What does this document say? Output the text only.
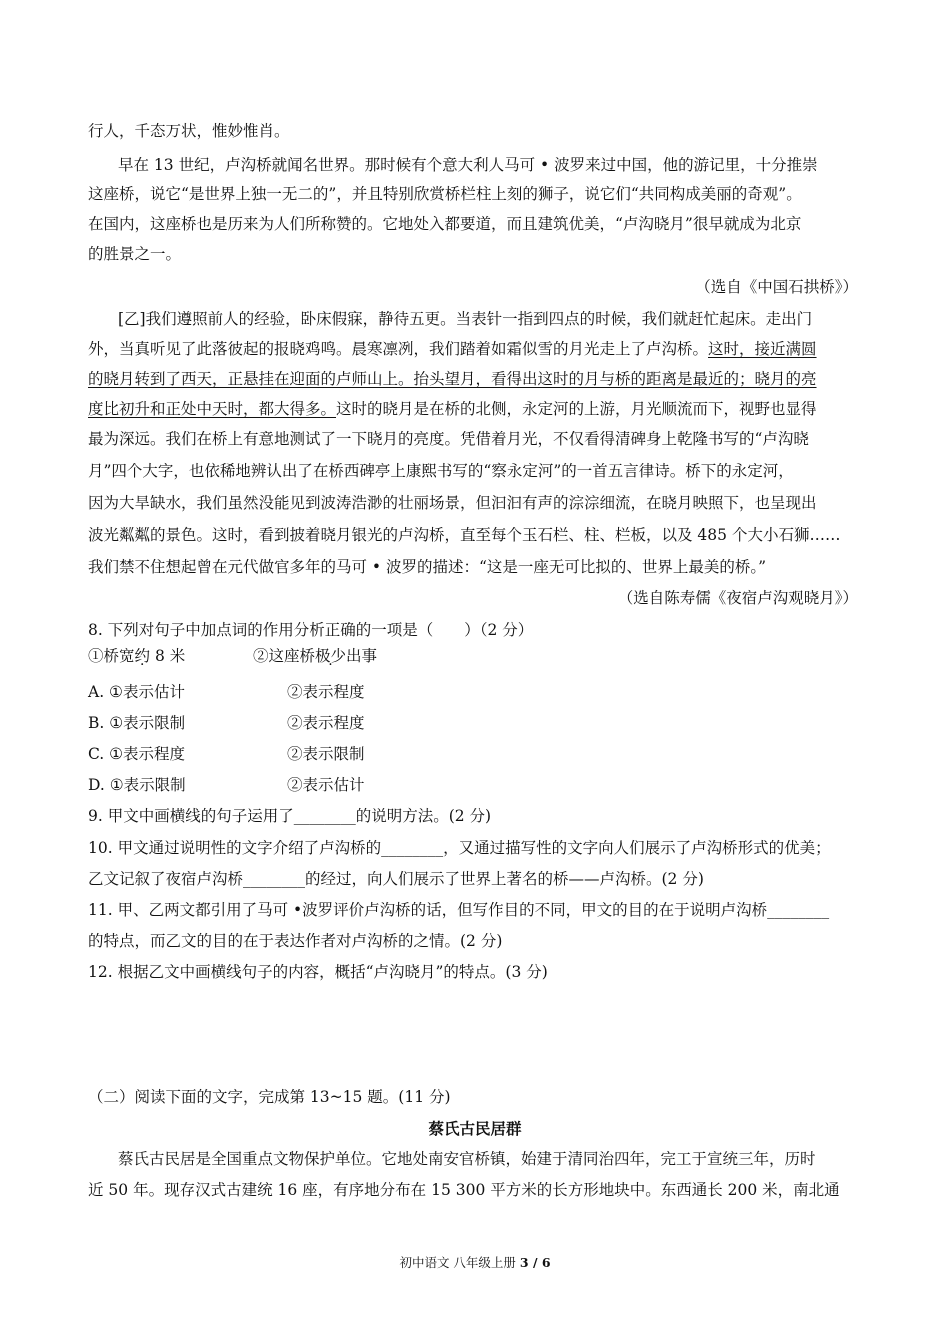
行人，千态万状，惟妙惟肖。
早在 13 世纪，卢沟桥就闻名世界。那时候有个意大利人马可 • 波罗来过中国，他的游记里，十分推崇
这座桥，说它“是世界上独一无二的”，并且特别欣赏桥栏柱上刻的狮子，说它们“共同构成美丽的奇观”。
在国内，这座桥也是历来为人们所称赞的。它地处入都要道，而且建筑优美，“卢沟晓月”很早就成为北京
的胜景之一。
（选自《中国石拱桥》）
[乙]我们遵照前人的经验，卧床假寐，静待五更。当表针一指到四点的时候，我们就赶忙起床。走出门
外，当真听见了此落彼起的报晓鸡鸣。晨寒凛冽，我们踏着如霜似雪的月光走上了卢沟桥。这时，接近满圆
的晓月转到了西天，正悬挂在迎面的卢师山上。抬头望月，看得出这时的月与桥的距离是最近的；晓月的亮
度比初升和正处中天时，都大得多。这时的晓月是在桥的北侧，永定河的上游，月光顺流而下，视野也显得
最为深远。我们在桥上有意地测试了一下晓月的亮度。凭借着月光，不仅看得清碑身上乾隆书写的“卢沟晓
月”四个大字，也依稀地辨认出了在桥西碑亭上康熙书写的“察永定河”的一首五言律诗。桥下的永定河，
因为大旱缺水，我们虽然没能见到波涛浩渺的壮丽场景，但汩汩有声的淙淙细流，在晓月映照下，也呈现出
波光粼粼的景色。这时，看到披着晓月银光的卢沟桥，直至每个玉石栏、柱、栏板，以及 485 个大小石狮……
我们禁不住想起曾在元代做官多年的马可 • 波罗的描述：“这是一座无可比拟的、世界上最美的桥。”
（选自陈寿儒《夜宿卢沟观晓月》）
8. 下列对句子中加点词的作用分析正确的一项是（　　）（2 分）
①桥宽约 8 米	②这座桥极少出事
A. ①表示估计	②表示程度
B. ①表示限制	②表示程度
C. ①表示程度	②表示限制
D. ①表示限制	②表示估计
9. 甲文中画横线的句子运用了________的说明方法。(2 分)
10. 甲文通过说明性的文字介绍了卢沟桥的________，又通过描写性的文字向人们展示了卢沟桥形式的优美；
乙文记叙了夜宿卢沟桥________的经过，向人们展示了世界上著名的桥——卢沟桥。(2 分)
11. 甲、乙两文都引用了马可 •波罗评价卢沟桥的话，但写作目的不同，甲文的目的在于说明卢沟桥________
的特点，而乙文的目的在于表达作者对卢沟桥的之情。(2 分)
12. 根据乙文中画横线句子的内容，概括“卢沟晓月”的特点。(3 分)
（二）阅读下面的文字，完成第 13~15 题。(11 分)
蔡氏古民居群
蔡氏古民居是全国重点文物保护单位。它地处南安官桥镇，始建于清同治四年，完工于宣统三年，历时
近 50 年。现存汉式古建统 16 座，有序地分布在 15 300 平方米的长方形地块中。东西通长 200 米，南北通
初中语文 八年级上册 3 / 6
